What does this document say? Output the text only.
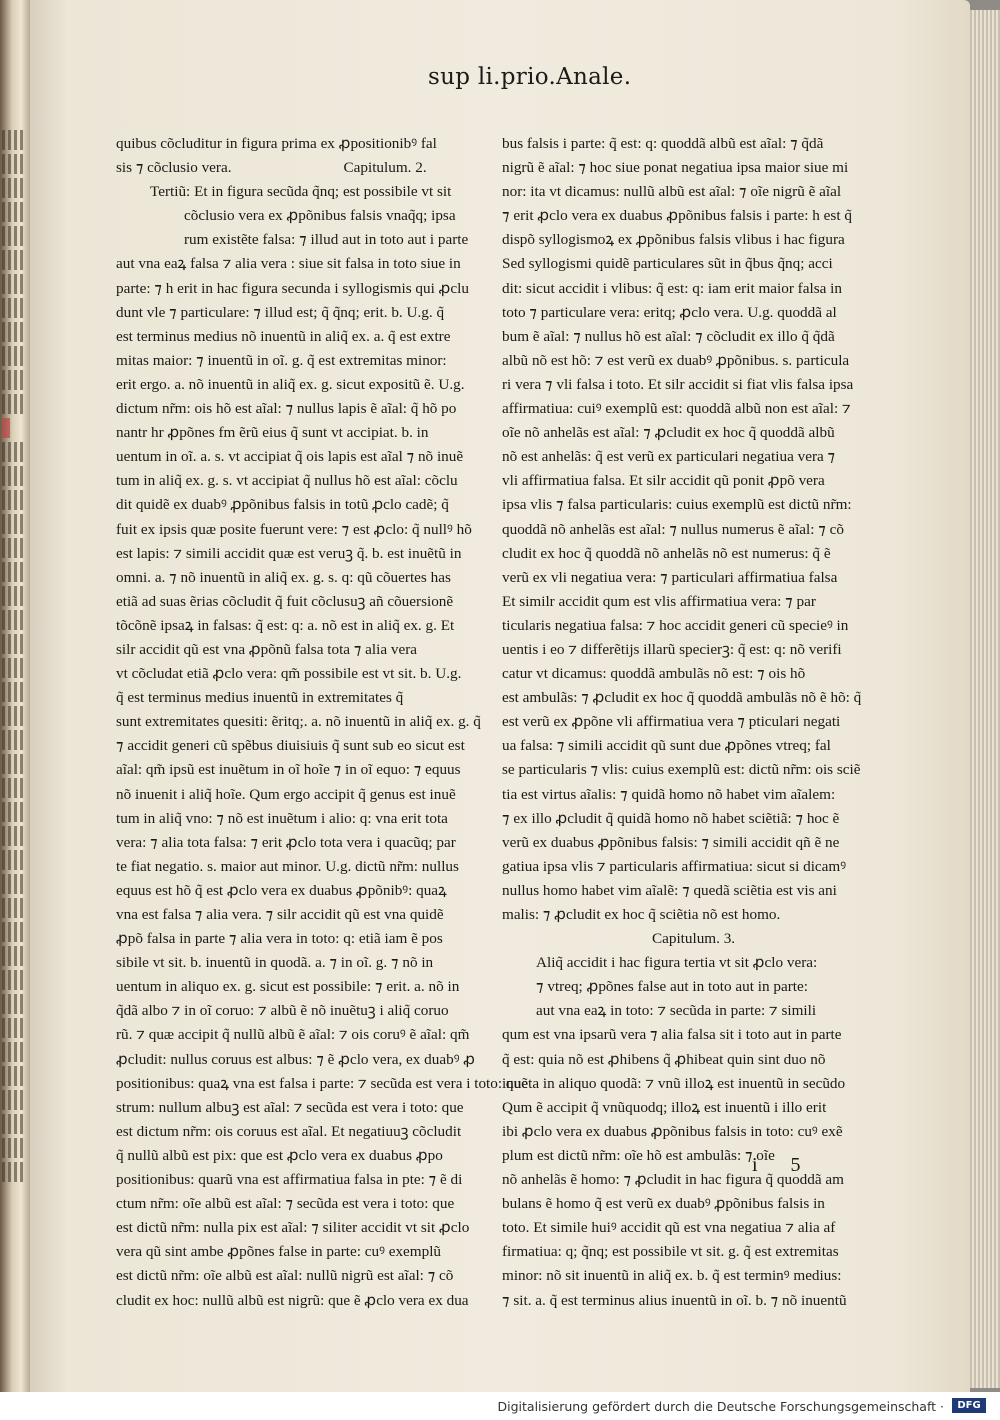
sup li.prio.Anale.
quibus cõcluditur in figura prima ex ꝓpositionibꝰ fal
sis ⁊ cõclusio vera.	Capitulum. 2.
Tertiũ: Et in figura secũda q̃nq; est possibile vt sit
cõclusio vera ex ꝓpõnibus falsis vnaq̃q; ipsa
rum existẽte falsa: ⁊ illud aut in toto aut i parte
aut vna eaꝝ falsa ⁊ alia vera : siue sit falsa in toto siue in
parte: ⁊ h erit in hac figura secunda i syllogismis qui ꝓclu
dunt vle ⁊ particulare: ⁊ illud est; q̃ q̃nq; erit. b. U.g. q̃
est terminus medius nõ inuentũ in aliq̃ ex. a. q̃ est extre
mitas maior: ⁊ inuentũ in oĩ. g. q̃ est extremitas minor:
erit ergo. a. nõ inuentũ in aliq̃ ex. g. sicut expositũ ẽ. U.g.
dictum nr̃m: ois hõ est aĩal: ⁊ nullus lapis ẽ aĩal: q̃ hõ po
nantr hr ꝓpõnes fm ẽrũ eius q̃ sunt vt accipiat. b. in
uentum in oĩ. a. s. vt accipiat q̃ ois lapis est aĩal ⁊ nõ inuẽ
tum in aliq̃ ex. g. s. vt accipiat q̃ nullus hõ est aĩal: cõclu
dit quidẽ ex duabꝰ ꝓpõnibus falsis in totũ ꝓclo cadẽ; q̃
fuit ex ipsis quæ posite fuerunt vere: ⁊ est ꝓclo: q̃ nullꝰ hõ
est lapis: ⁊ simili accidit quæ est veruꝫ q̃. b. est inuẽtũ in
omni. a. ⁊ nõ inuentũ in aliq̃ ex. g. s. q: qũ cõuertes has
etiã ad suas ẽrias cõcludit q̃ fuit cõclusuꝫ añ cõuersionẽ
tõcõnẽ ipsaꝝ in falsas: q̃ est: q: a. nõ est in aliq̃ ex. g. Et
silr accidit qũ est vna ꝓpõnũ falsa tota ⁊ alia vera
vt cõcludat etiã ꝓclo vera: qm̃ possibile est vt sit. b. U.g.
q̃ est terminus medius inuentũ in extremitates q̃
sunt extremitates quesiti: ẽritq;. a. nõ inuentũ in aliq̃ ex. g. q̃
⁊ accidit generi cũ spẽbus diuisiuis q̃ sunt sub eo sicut est
aĩal: qm̃ ipsũ est inuẽtum in oĩ hoĩe ⁊ in oĩ equo: ⁊ equus
nõ inuenit i aliq̃ hoĩe. Qum ergo accipit q̃ genus est inuẽ
tum in aliq̃ vno: ⁊ nõ est inuẽtum i alio: q: vna erit tota
vera: ⁊ alia tota falsa: ⁊ erit ꝓclo tota vera i quacũq; par
te fiat negatio. s. maior aut minor. U.g. dictũ nr̃m: nullus
equus est hõ q̃ est ꝓclo vera ex duabus ꝓpõnibꝰ: quaꝝ
vna est falsa ⁊ alia vera. ⁊ silr accidit qũ est vna quidẽ
ꝓpõ falsa in parte ⁊ alia vera in toto: q: etiã iam ẽ pos
sibile vt sit. b. inuentũ in quodã. a. ⁊ in oĩ. g. ⁊ nõ in
uentum in aliquo ex. g. sicut est possibile: ⁊ erit. a. nõ in
q̃dã albo ⁊ in oĩ coruo: ⁊ albũ ẽ nõ inuẽtuꝫ i aliq̃ coruo
rũ. ⁊ quæ accipit q̃ nullũ albũ ẽ aĩal: ⁊ ois coruꝰ ẽ aĩal: qm̃
ꝓcludit: nullus coruus est albus: ⁊ ẽ ꝓclo vera, ex duabꝰ ꝓ
positionibus: quaꝝ vna est falsa i parte: ⁊ secũda est vera i toto: que
strum: nullum albuꝫ est aĩal: ⁊ secũda est vera i toto: que
est dictum nr̃m: ois coruus est aĩal. Et negatiuuꝫ cõcludit
q̃ nullũ albũ est pix: que est ꝓclo vera ex duabus ꝓpo
positionibus: quarũ vna est affirmatiua falsa in pte: ⁊ ẽ di
ctum nr̃m: oĩe albũ est aĩal: ⁊ secũda est vera i toto: que
est dictũ nr̃m: nulla pix est aĩal: ⁊ siliter accidit vt sit ꝓclo
vera qũ sint ambe ꝓpõnes false in parte: cuꝰ exemplũ
est dictũ nr̃m: oĩe albũ est aĩal: nullũ nigrũ est aĩal: ⁊ cõ
cludit ex hoc: nullũ albũ est nigrũ: que ẽ ꝓclo vera ex dua
bus falsis i parte: q̃ est: q: quoddã albũ est aĩal: ⁊ q̃dã
nigrũ ẽ aĩal: ⁊ hoc siue ponat negatiua ipsa maior siue mi
nor: ita vt dicamus: nullũ albũ est aĩal: ⁊ oĩe nigrũ ẽ aĩal
⁊ erit ꝓclo vera ex duabus ꝓpõnibus falsis i parte: h est q̃
dispõ syllogismoꝝ ex ꝓpõnibus falsis vlibus i hac figura
Sed syllogismi quidẽ particulares sũt in q̃bus q̃nq; acci
dit: sicut accidit i vlibus: q̃ est: q: iam erit maior falsa in
toto ⁊ particulare vera: eritq; ꝓclo vera. U.g. quoddã al
bum ẽ aĩal: ⁊ nullus hõ est aĩal: ⁊ cõcludit ex illo q̃ q̃dã
albũ nõ est hõ: ⁊ est verũ ex duabꝰ ꝓpõnibus. s. particula
ri vera ⁊ vli falsa i toto. Et silr accidit si fiat vlis falsa ipsa
affirmatiua: cuiꝰ exemplũ est: quoddã albũ non est aĩal: ⁊
oĩe nõ anhelãs est aĩal: ⁊ ꝓcludit ex hoc q̃ quoddã albũ
nõ est anhelãs: q̃ est verũ ex particulari negatiua vera ⁊
vli affirmatiua falsa. Et silr accidit qũ ponit ꝓpõ vera
ipsa vlis ⁊ falsa particularis: cuius exemplũ est dictũ nr̃m:
quoddã nõ anhelãs est aĩal: ⁊ nullus numerus ẽ aĩal: ⁊ cõ
cludit ex hoc q̃ quoddã nõ anhelãs nõ est numerus: q̃ ẽ
verũ ex vli negatiua vera: ⁊ particulari affirmatiua falsa
Et similr accidit qum est vlis affirmatiua vera: ⁊ par
ticularis negatiua falsa: ⁊ hoc accidit generi cũ specieꝰ in
uentis i eo ⁊ differẽtijs illarũ specierꝫ: q̃ est: q: nõ verifi
catur vt dicamus: quoddã ambulãs nõ est: ⁊ ois hõ
est ambulãs: ⁊ ꝓcludit ex hoc q̃ quoddã ambulãs nõ ẽ hõ: q̃
est verũ ex ꝓpõne vli affirmatiua vera ⁊ pticulari negati
ua falsa: ⁊ simili accidit qũ sunt due ꝓpõnes vtreq; fal
se particularis ⁊ vlis: cuius exemplũ est: dictũ nr̃m: ois sciẽ
tia est virtus aĩalis: ⁊ quidã homo nõ habet vim aĩalem:
⁊ ex illo ꝓcludit q̃ quidã homo nõ habet sciẽtiã: ⁊ hoc ẽ
verũ ex duabus ꝓpõnibus falsis: ⁊ simili accidit qñ ẽ ne
gatiua ipsa vlis ⁊ particularis affirmatiua: sicut si dicamꝰ
nullus homo habet vim aĩalẽ: ⁊ quedã sciẽtia est vis ani
malis: ⁊ ꝓcludit ex hoc q̃ sciẽtia nõ est homo.
Capitulum. 3.
Aliq̃ accidit i hac figura tertia vt sit ꝓclo vera:
⁊ vtreq; ꝓpõnes false aut in toto aut in parte:
aut vna eaꝝ in toto: ⁊ secũda in parte: ⁊ simili
qum est vna ipsarũ vera ⁊ alia falsa sit i toto aut in parte
q̃ est: quia nõ est ꝓhibens q̃ ꝓhibeat quin sint duo nõ
inuẽta in aliquo quodã: ⁊ vnũ illoꝝ est inuentũ in secũdo
Qum ẽ accipit q̃ vnũquodq; illoꝝ est inuentũ i illo erit
ibi ꝓclo vera ex duabus ꝓpõnibus falsis in toto: cuꝰ exẽ
plum est dictũ nr̃m: oĩe hõ est ambulãs: ⁊ oĩe
nõ anhelãs ẽ homo: ⁊ ꝓcludit in hac figura q̃ quoddã am
bulans ẽ homo q̃ est verũ ex duabꝰ ꝓpõnibus falsis in
toto. Et simile huiꝰ accidit qũ est vna negatiua ⁊ alia af
firmatiua: q; q̃nq; est possibile vt sit. g. q̃ est extremitas
minor: nõ sit inuentũ in aliq̃ ex. b. q̃ est terminꝰ medius:
⁊ sit. a. q̃ est terminus alius inuentũ in oĩ. b. ⁊ nõ inuentũ
i 5
Digitalisierung gefördert durch die Deutsche Forschungsgemeinschaft ·	DFG
